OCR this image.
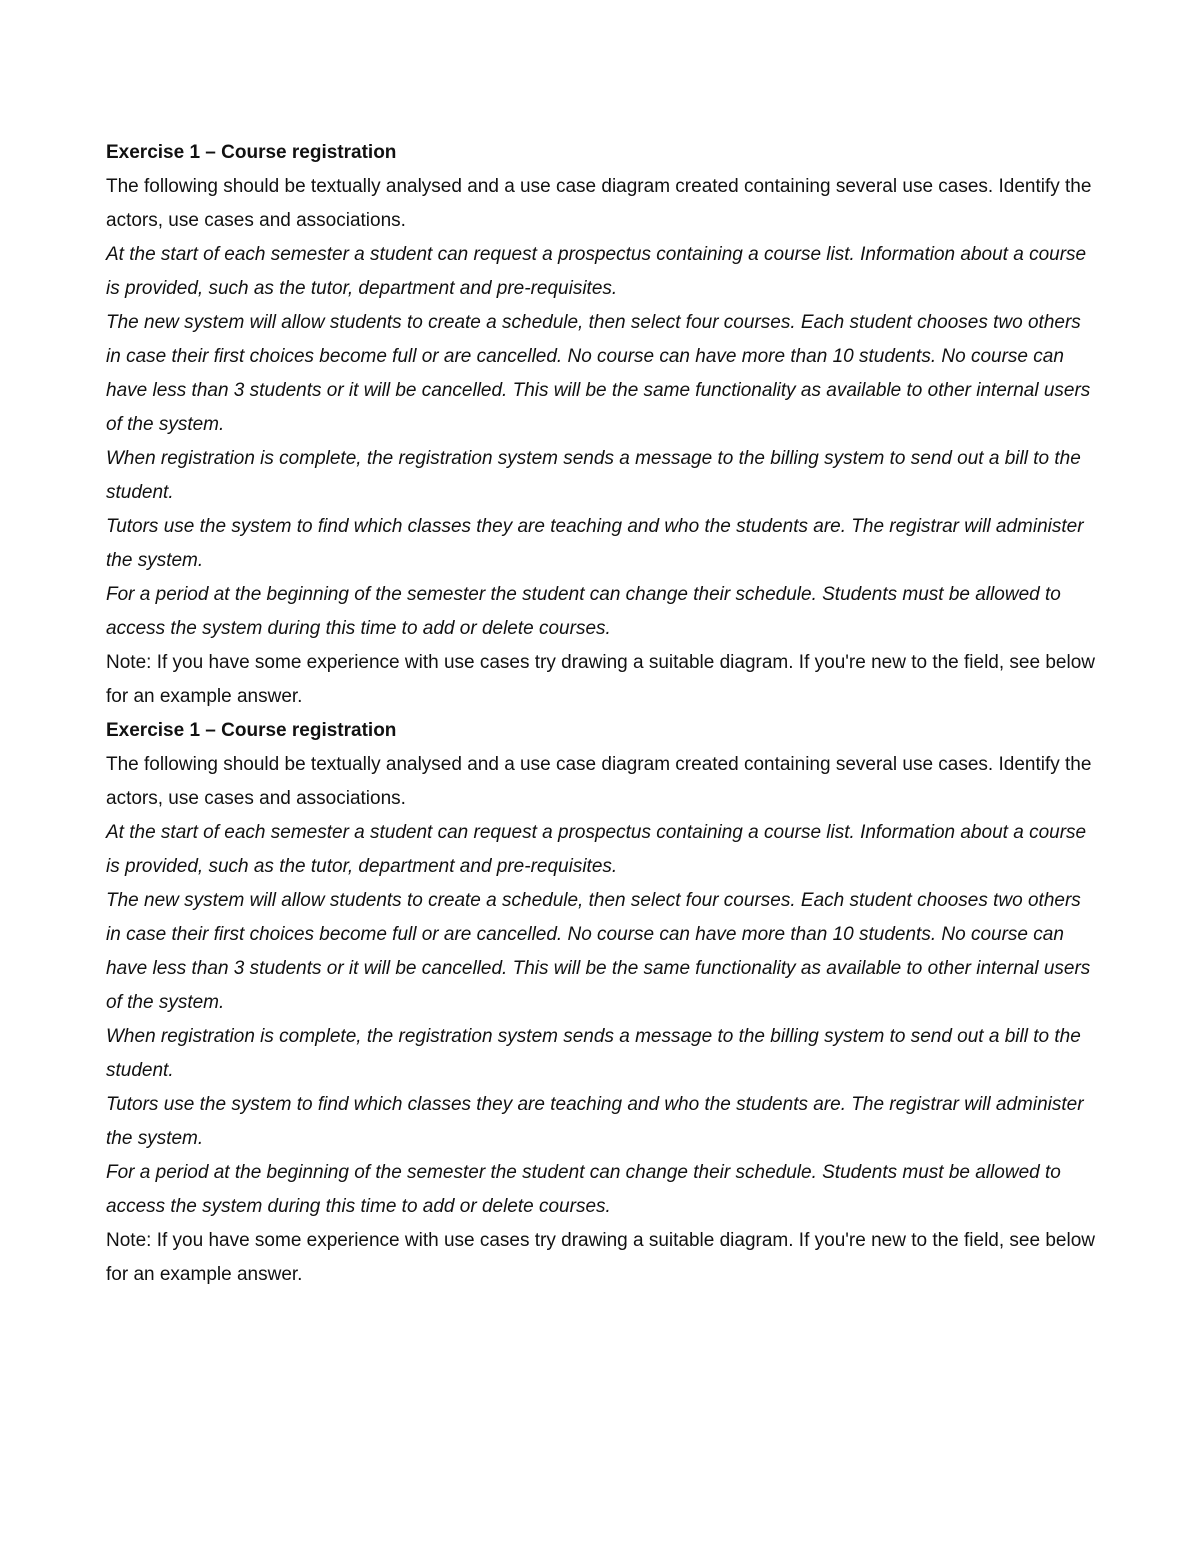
Exercise 1 – Course registration

The following should be textually analysed and a use case diagram created containing several use cases. Identify the actors, use cases and associations.

At the start of each semester a student can request a prospectus containing a course list. Information about a course is provided, such as the tutor, department and pre-requisites.

The new system will allow students to create a schedule, then select four courses. Each student chooses two others in case their first choices become full or are cancelled. No course can have more than 10 students. No course can have less than 3 students or it will be cancelled. This will be the same functionality as available to other internal users of the system.

When registration is complete, the registration system sends a message to the billing system to send out a bill to the student.

Tutors use the system to find which classes they are teaching and who the students are. The registrar will administer the system.

For a period at the beginning of the semester the student can change their schedule. Students must be allowed to access the system during this time to add or delete courses.

Note: If you have some experience with use cases try drawing a suitable diagram. If you're new to the field, see below for an example answer.

Exercise 1 – Course registration

The following should be textually analysed and a use case diagram created containing several use cases. Identify the actors, use cases and associations.

At the start of each semester a student can request a prospectus containing a course list. Information about a course is provided, such as the tutor, department and pre-requisites.

The new system will allow students to create a schedule, then select four courses. Each student chooses two others in case their first choices become full or are cancelled. No course can have more than 10 students. No course can have less than 3 students or it will be cancelled. This will be the same functionality as available to other internal users of the system.

When registration is complete, the registration system sends a message to the billing system to send out a bill to the student.

Tutors use the system to find which classes they are teaching and who the students are. The registrar will administer the system.

For a period at the beginning of the semester the student can change their schedule. Students must be allowed to access the system during this time to add or delete courses.

Note: If you have some experience with use cases try drawing a suitable diagram. If you're new to the field, see below for an example answer.
